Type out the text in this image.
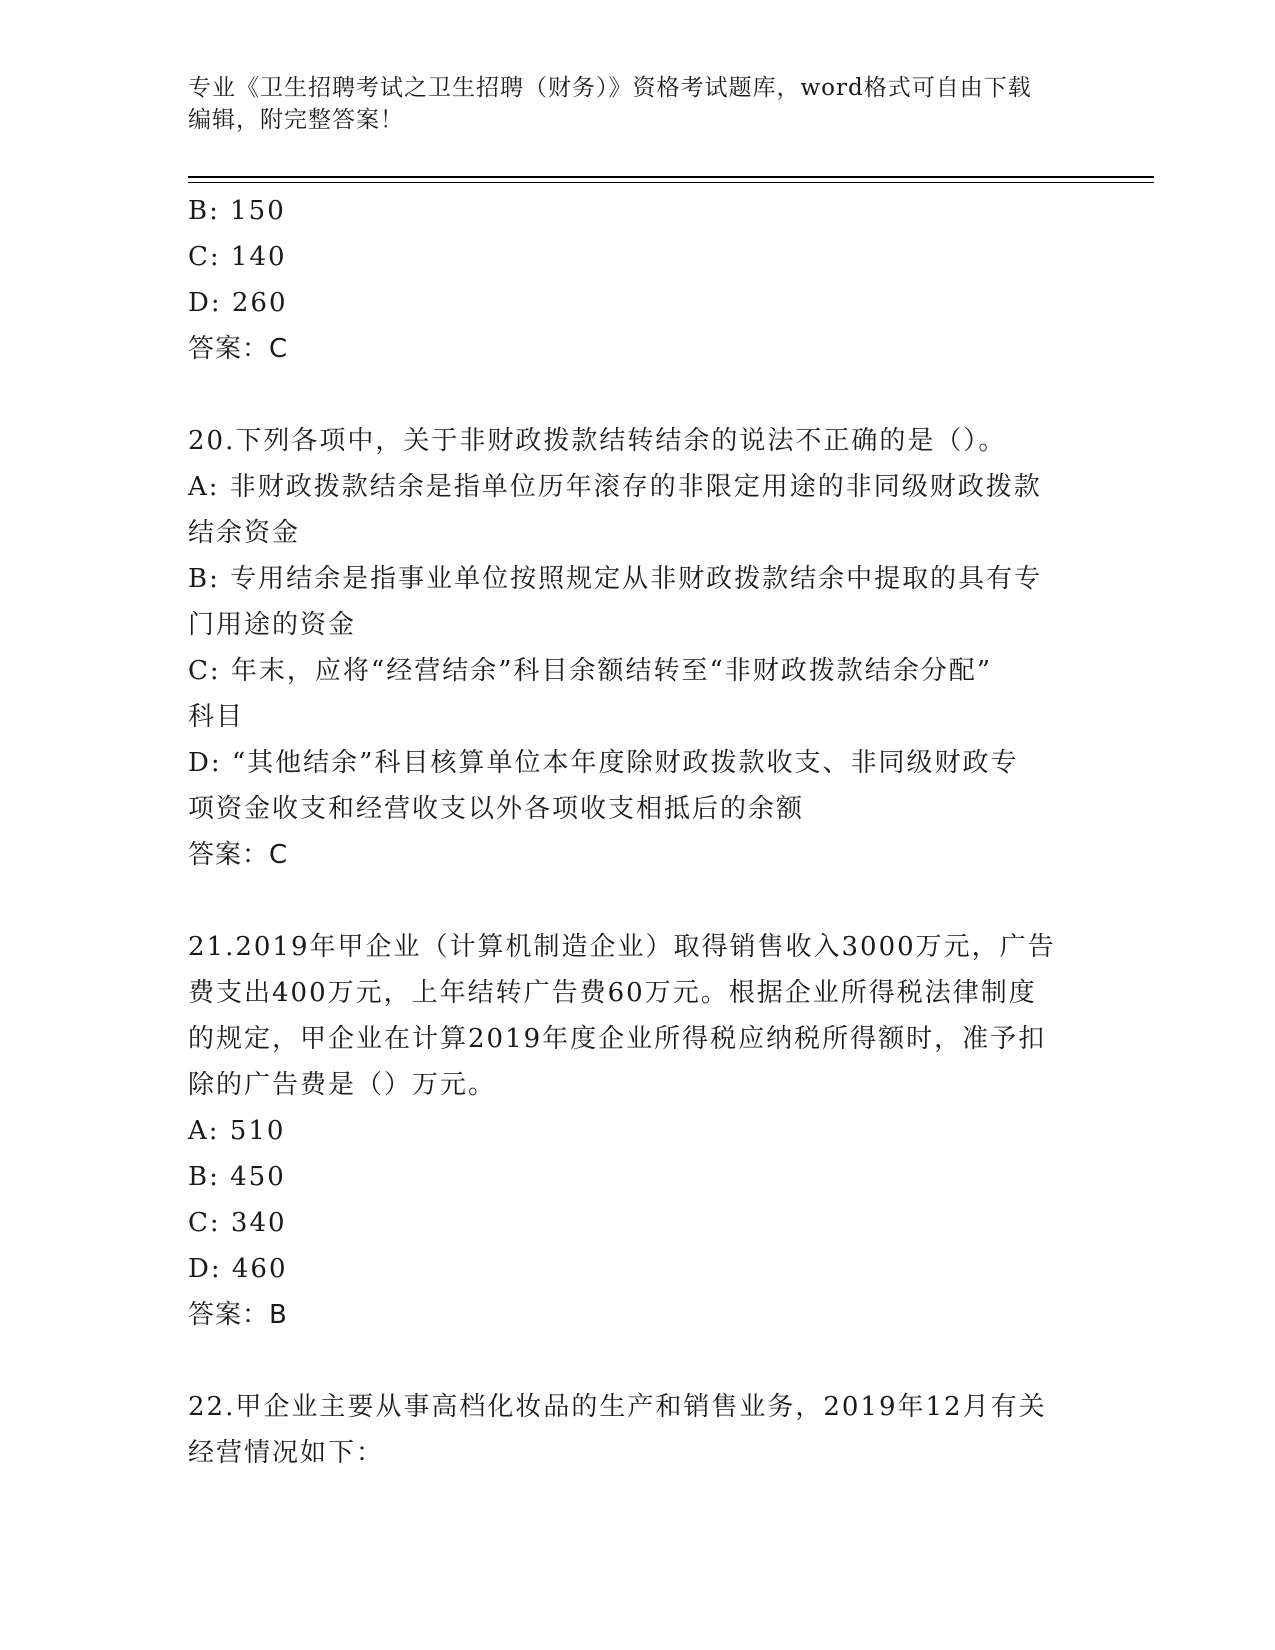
专业《卫生招聘考试之卫生招聘（财务）》资格考试题库，word格式可自由下载
编辑，附完整答案！

B: 150

C: 140

D: 260

答案：C

20.下列各项中，关于非财政拨款结转结余的说法不正确的是（）。

A: 非财政拨款结余是指单位历年滚存的非限定用途的非同级财政拨款

结余资金

B: 专用结余是指事业单位按照规定从非财政拨款结余中提取的具有专

门用途的资金

C: 年末，应将“经营结余”科目余额结转至“非财政拨款结余分配”

科目

D: “其他结余”科目核算单位本年度除财政拨款收支、非同级财政专

项资金收支和经营收支以外各项收支相抵后的余额

答案：C

21.2019年甲企业（计算机制造企业）取得销售收入3000万元，广告

费支出400万元，上年结转广告费60万元。根据企业所得税法律制度

的规定，甲企业在计算2019年度企业所得税应纳税所得额时，准予扣

除的广告费是（）万元。

A: 510

B: 450

C: 340

D: 460

答案：B

22.甲企业主要从事高档化妆品的生产和销售业务，2019年12月有关

经营情况如下：
